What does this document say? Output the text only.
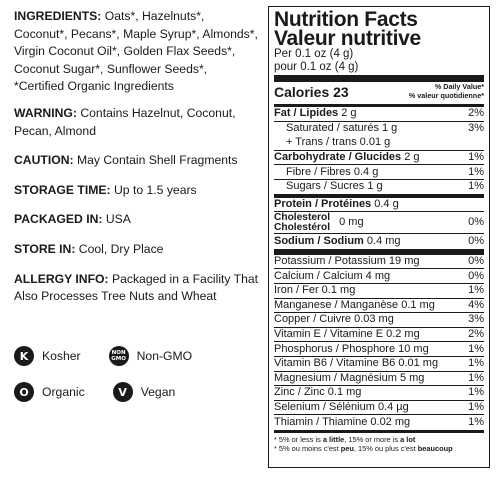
INGREDIENTS: Oats*, Hazelnuts*, Coconut*, Pecans*, Maple Syrup*, Almonds*, Virgin Coconut Oil*, Golden Flax Seeds*, Coconut Sugar*, Sunflower Seeds*, *Certified Organic Ingredients

WARNING: Contains Hazelnut, Coconut, Pecan, Almond

CAUTION: May Contain Shell Fragments

STORAGE TIME: Up to 1.5 years

PACKAGED IN: USA

STORE IN: Cool, Dry Place

ALLERGY INFO: Packaged in a Facility That Also Processes Tree Nuts and Wheat

K	Kosher	NON
GMO Non-GMO
O	Organic	V	Vegan
Nutrition Facts
Valeur nutritive
Per 0.1 oz (4 g)
pour 0.1 oz (4 g)
Calories 23	% Daily Value*
% valeur quotidienne*
Fat / Lipides 2 g	2%
Saturated / saturés 1 g	3%
+ Trans / trans 0.01 g
Carbohydrate / Glucides 2 g	1%
Fibre / Fibres 0.4 g	1%
Sugars / Sucres 1 g	1%
Protein / Protéines 0.4 g
Cholesterol
Cholestérol 0 mg	0%
Sodium / Sodium 0.4 mg	0%
Potassium / Potassium 19 mg	0%
Calcium / Calcium 4 mg	0%
Iron / Fer 0.1 mg	1%
Manganese / Manganèse 0.1 mg	4%
Copper / Cuivre 0.03 mg	3%
Vitamin E / Vitamine E 0.2 mg	2%
Phosphorus / Phosphore 10 mg	1%
Vitamin B6 / Vitamine B6 0.01 mg	1%
Magnesium / Magnésium 5 mg	1%
Zinc / Zinc 0.1 mg	1%
Selenium / Sélénium 0.4 µg	1%
Thiamin / Thiamine 0.02 mg	1%
* 5% or less is a little, 15% or more is a lot
* 5% ou moins c'est peu, 15% ou plus c'est beaucoup
